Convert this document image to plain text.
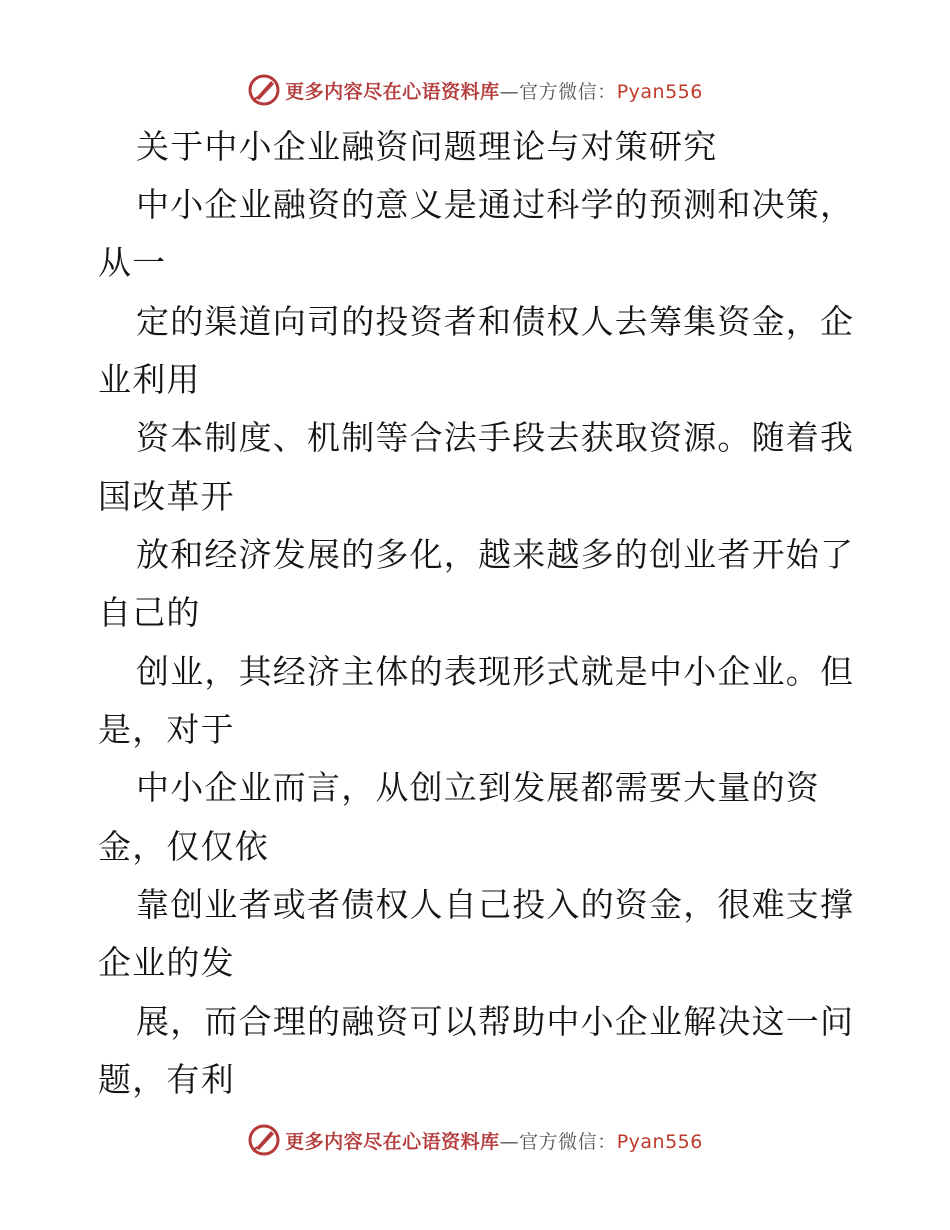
更多内容尽在心语资料库—官方微信：Pyan556
关于中小企业融资问题理论与对策研究
中小企业融资的意义是通过科学的预测和决策，
从一
定的渠道向司的投资者和债权人去筹集资金，企
业利用
资本制度、机制等合法手段去获取资源。随着我
国改革开
放和经济发展的多化，越来越多的创业者开始了
自己的
创业，其经济主体的表现形式就是中小企业。但
是，对于
中小企业而言，从创立到发展都需要大量的资
金，仅仅依
靠创业者或者债权人自己投入的资金，很难支撑
企业的发
展，而合理的融资可以帮助中小企业解决这一问
题，有利
更多内容尽在心语资料库—官方微信：Pyan556
